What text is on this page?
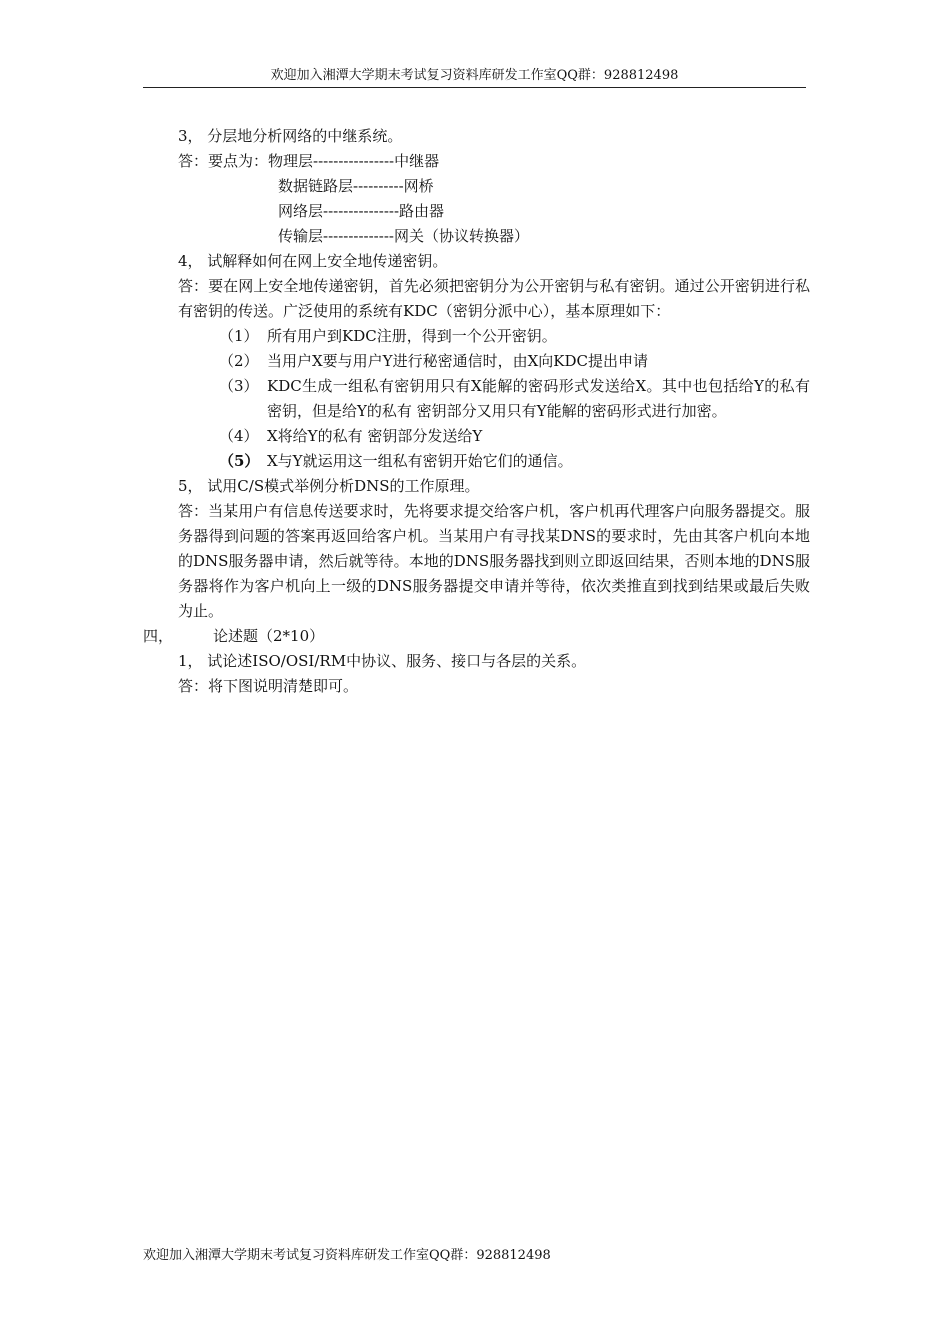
欢迎加入湘潭大学期末考试复习资料库研发工作室QQ群：928812498
3， 分层地分析网络的中继系统。
答：要点为：物理层----------------中继器
数据链路层----------网桥
网络层---------------路由器
传输层--------------网关（协议转换器）
4， 试解释如何在网上安全地传递密钥。
答：要在网上安全地传递密钥，首先必须把密钥分为公开密钥与私有密钥。通过公开密钥进行私有密钥的传送。广泛使用的系统有KDC（密钥分派中心），基本原理如下：
（1） 所有用户到KDC注册，得到一个公开密钥。
（2） 当用户X要与用户Y进行秘密通信时，由X向KDC提出申请
（3） KDC生成一组私有密钥用只有X能解的密码形式发送给X。其中也包括给Y的私有 密钥，但是给Y的私有 密钥部分又用只有Y能解的密码形式进行加密。
（4） X将给Y的私有 密钥部分发送给Y
（5） X与Y就运用这一组私有密钥开始它们的通信。
5， 试用C/S模式举例分析DNS的工作原理。
答：当某用户有信息传送要求时，先将要求提交给客户机，客户机再代理客户向服务器提交。服务器得到问题的答案再返回给客户机。当某用户有寻找某DNS的要求时，先由其客户机向本地的DNS服务器申请，然后就等待。本地的DNS服务器找到则立即返回结果，否则本地的DNS服务器将作为客户机向上一级的DNS服务器提交申请并等待，依次类推直到找到结果或最后失败为止。
四，	论述题（2*10）
1， 试论述ISO/OSI/RM中协议、服务、接口与各层的关系。
答：将下图说明清楚即可。
欢迎加入湘潭大学期末考试复习资料库研发工作室QQ群：928812498
